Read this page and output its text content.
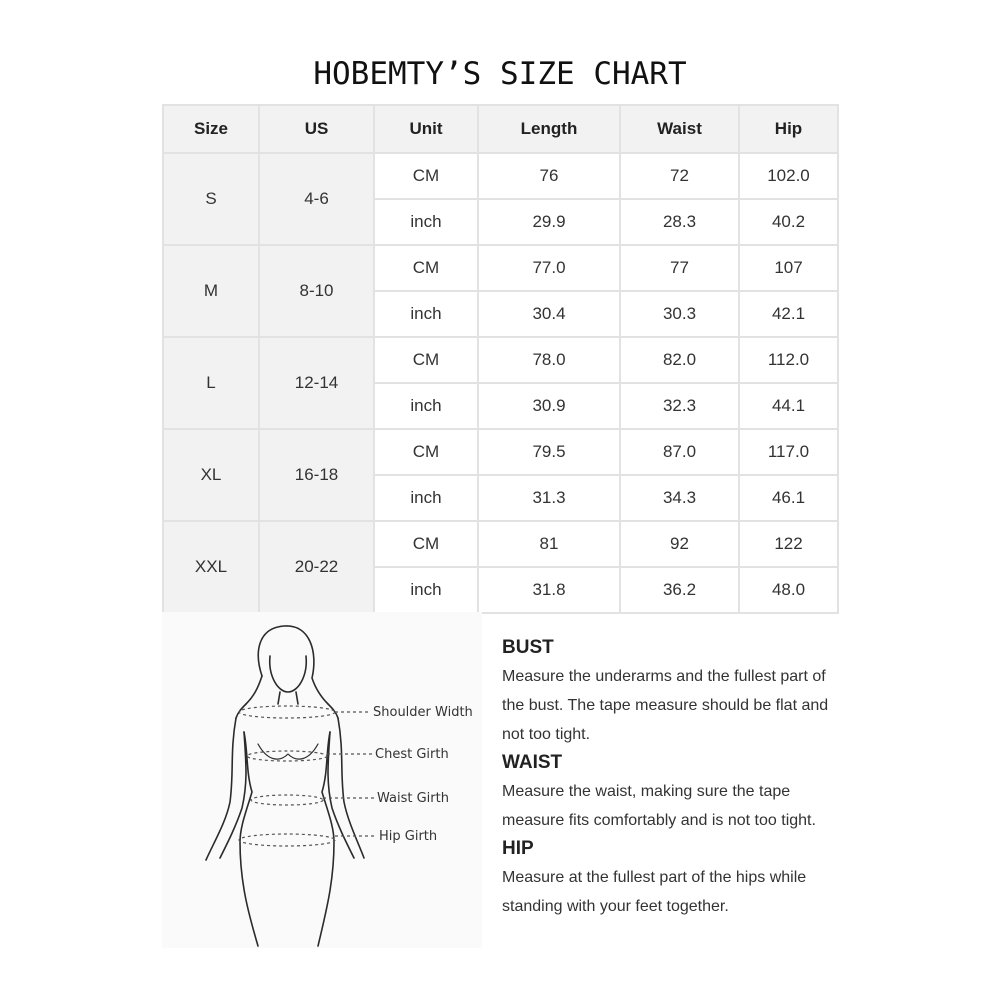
HOBEMTY’S SIZE CHART
Size	US	Unit	Length	Waist	Hip
S	4-6	CM	76	72	102.0
		inch	29.9	28.3	40.2
M	8-10	CM	77.0	77	107
		inch	30.4	30.3	42.1
L	12-14	CM	78.0	82.0	112.0
		inch	30.9	32.3	44.1
XL	16-18	CM	79.5	87.0	117.0
		inch	31.3	34.3	46.1
XXL	20-22	CM	81	92	122
		inch	31.8	36.2	48.0
Shoulder Width
Chest Girth
Waist Girth
Hip Girth
BUST

Measure the underarms and the fullest part of the bust. The tape measure should be flat and not too tight.

WAIST

Measure the waist, making sure the tape measure fits comfortably and is not too tight.

HIP

Measure at the fullest part of the hips while standing with your feet together.
